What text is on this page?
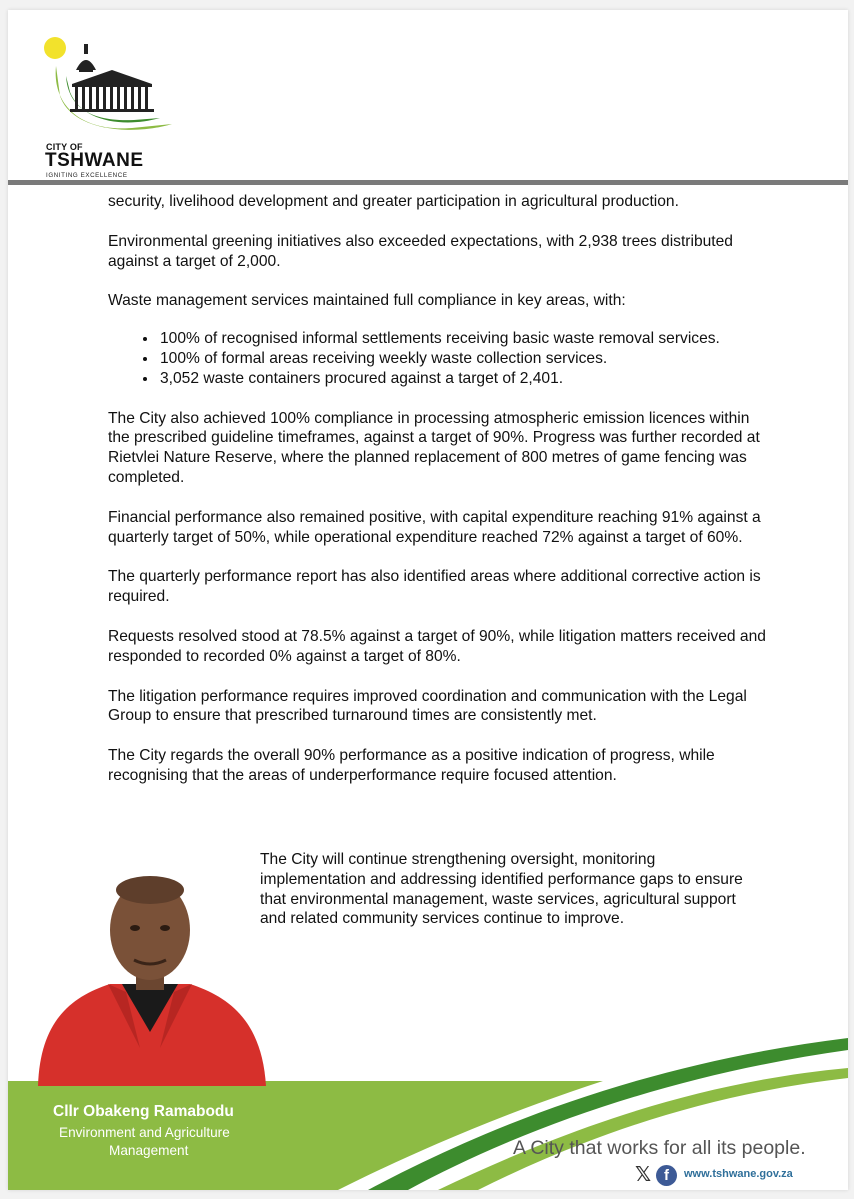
CITY OF
TSHWANE
IGNITING EXCELLENCE

security, livelihood development and greater participation in agricultural production.

Environmental greening initiatives also exceeded expectations, with 2,938 trees distributed against a target of 2,000.

Waste management services maintained full compliance in key areas, with:

• 100% of recognised informal settlements receiving basic waste removal services.
• 100% of formal areas receiving weekly waste collection services.
• 3,052 waste containers procured against a target of 2,401.

The City also achieved 100% compliance in processing atmospheric emission licences within the prescribed guideline timeframes, against a target of 90%. Progress was further recorded at Rietvlei Nature Reserve, where the planned replacement of 800 metres of game fencing was completed.

Financial performance also remained positive, with capital expenditure reaching 91% against a quarterly target of 50%, while operational expenditure reached 72% against a target of 60%.

The quarterly performance report has also identified areas where additional corrective action is required.

Requests resolved stood at 78.5% against a target of 90%, while litigation matters received and responded to recorded 0% against a target of 80%.

The litigation performance requires improved coordination and communication with the Legal Group to ensure that prescribed turnaround times are consistently met.

The City regards the overall 90% performance as a positive indication of progress, while recognising that the areas of underperformance require focused attention.

The City will continue strengthening oversight, monitoring implementation and addressing identified performance gaps to ensure that environmental management, waste services, agricultural support and related community services continue to improve.

Cllr Obakeng Ramabodu
Environment and Agriculture
Management	A City that works for all its people.
𝕏 f	www.tshwane.gov.za
